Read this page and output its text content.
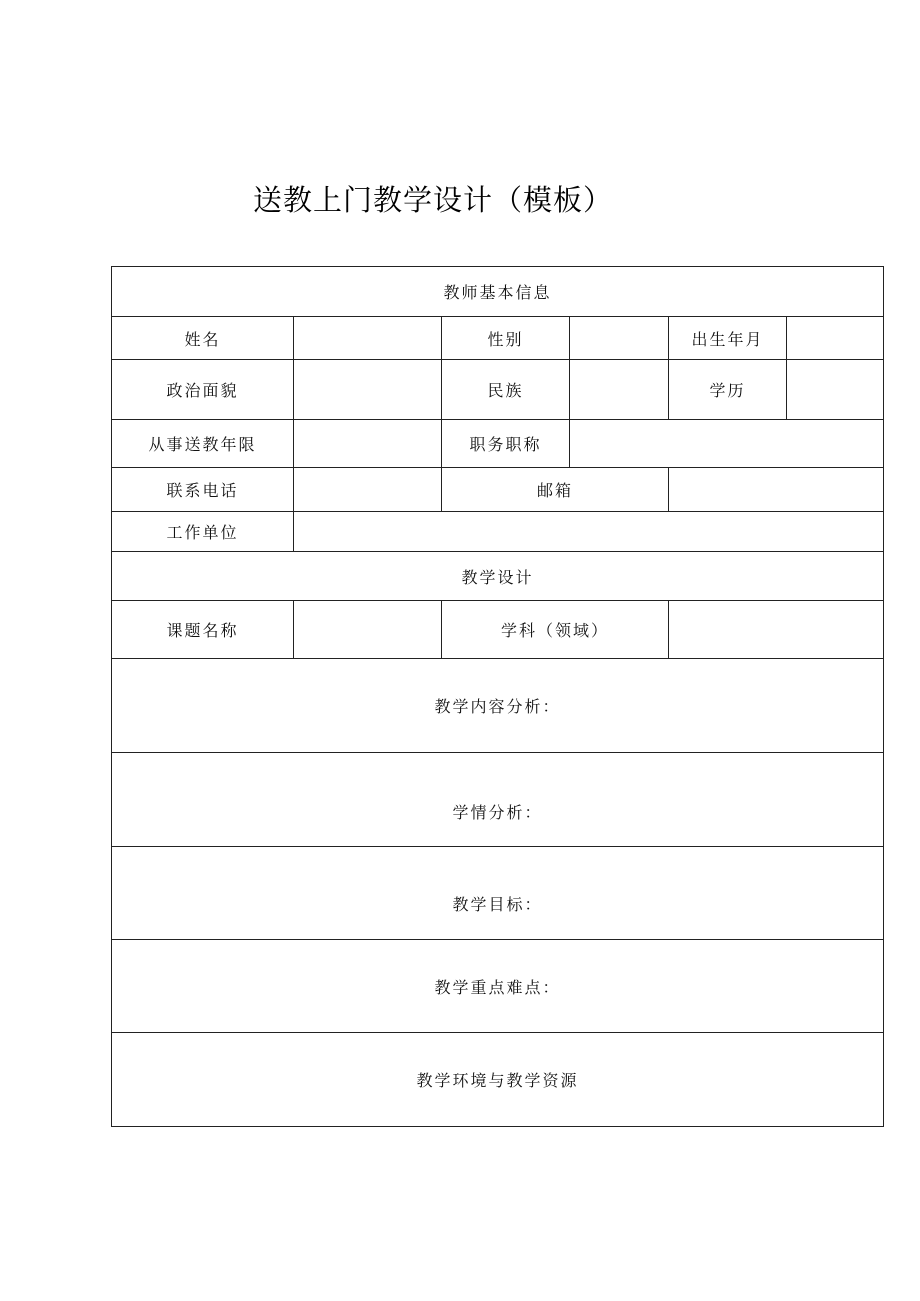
送教上门教学设计（模板）
教师基本信息					
姓名		性别		出生年月	
政治面貌		民族		学历	
从事送教年限		职务职称			
联系电话		邮箱			
工作单位					
教学设计					
课题名称		学科（领域）			
教学内容分析：					
学情分析：					
教学目标：					
教学重点难点：					
教学环境与教学资源					
